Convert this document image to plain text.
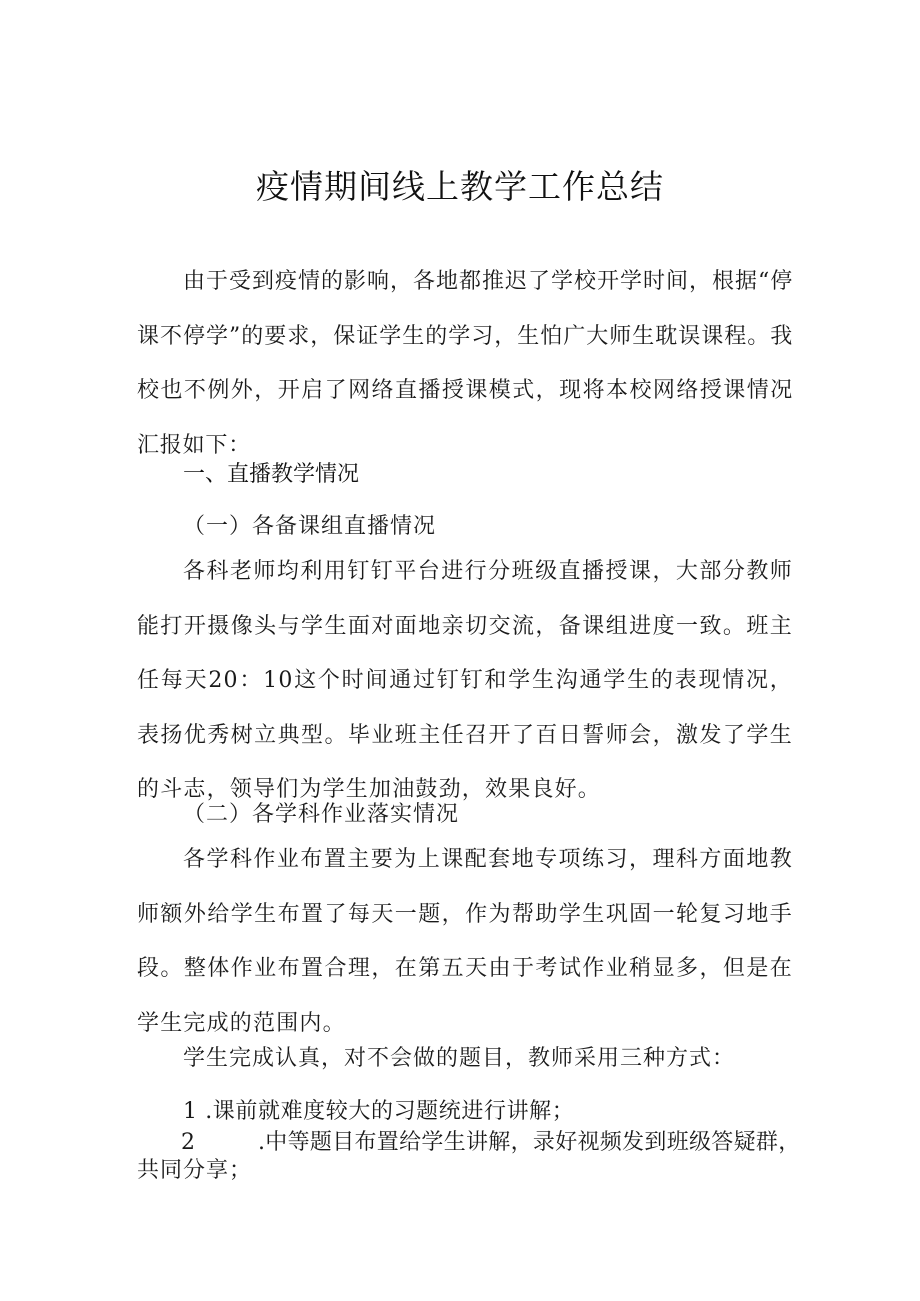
疫情期间线上教学工作总结

由于受到疫情的影响，各地都推迟了学校开学时间，根据“停课不停学”的要求，保证学生的学习，生怕广大师生耽误课程。我校也不例外，开启了网络直播授课模式，现将本校网络授课情况汇报如下：

一、直播教学情况
（一）各备课组直播情况

各科老师均利用钉钉平台进行分班级直播授课，大部分教师能打开摄像头与学生面对面地亲切交流，备课组进度一致。班主任每天20：10这个时间通过钉钉和学生沟通学生的表现情况，表扬优秀树立典型。毕业班主任召开了百日誓师会，激发了学生的斗志，领导们为学生加油鼓劲，效果良好。

（二）各学科作业落实情况

各学科作业布置主要为上课配套地专项练习，理科方面地教师额外给学生布置了每天一题，作为帮助学生巩固一轮复习地手段。整体作业布置合理，在第五天由于考试作业稍显多，但是在学生完成的范围内。

学生完成认真，对不会做的题目，教师采用三种方式：
1 .课前就难度较大的习题统进行讲解；
2	.中等题目布置给学生讲解，录好视频发到班级答疑群，
共同分享；
